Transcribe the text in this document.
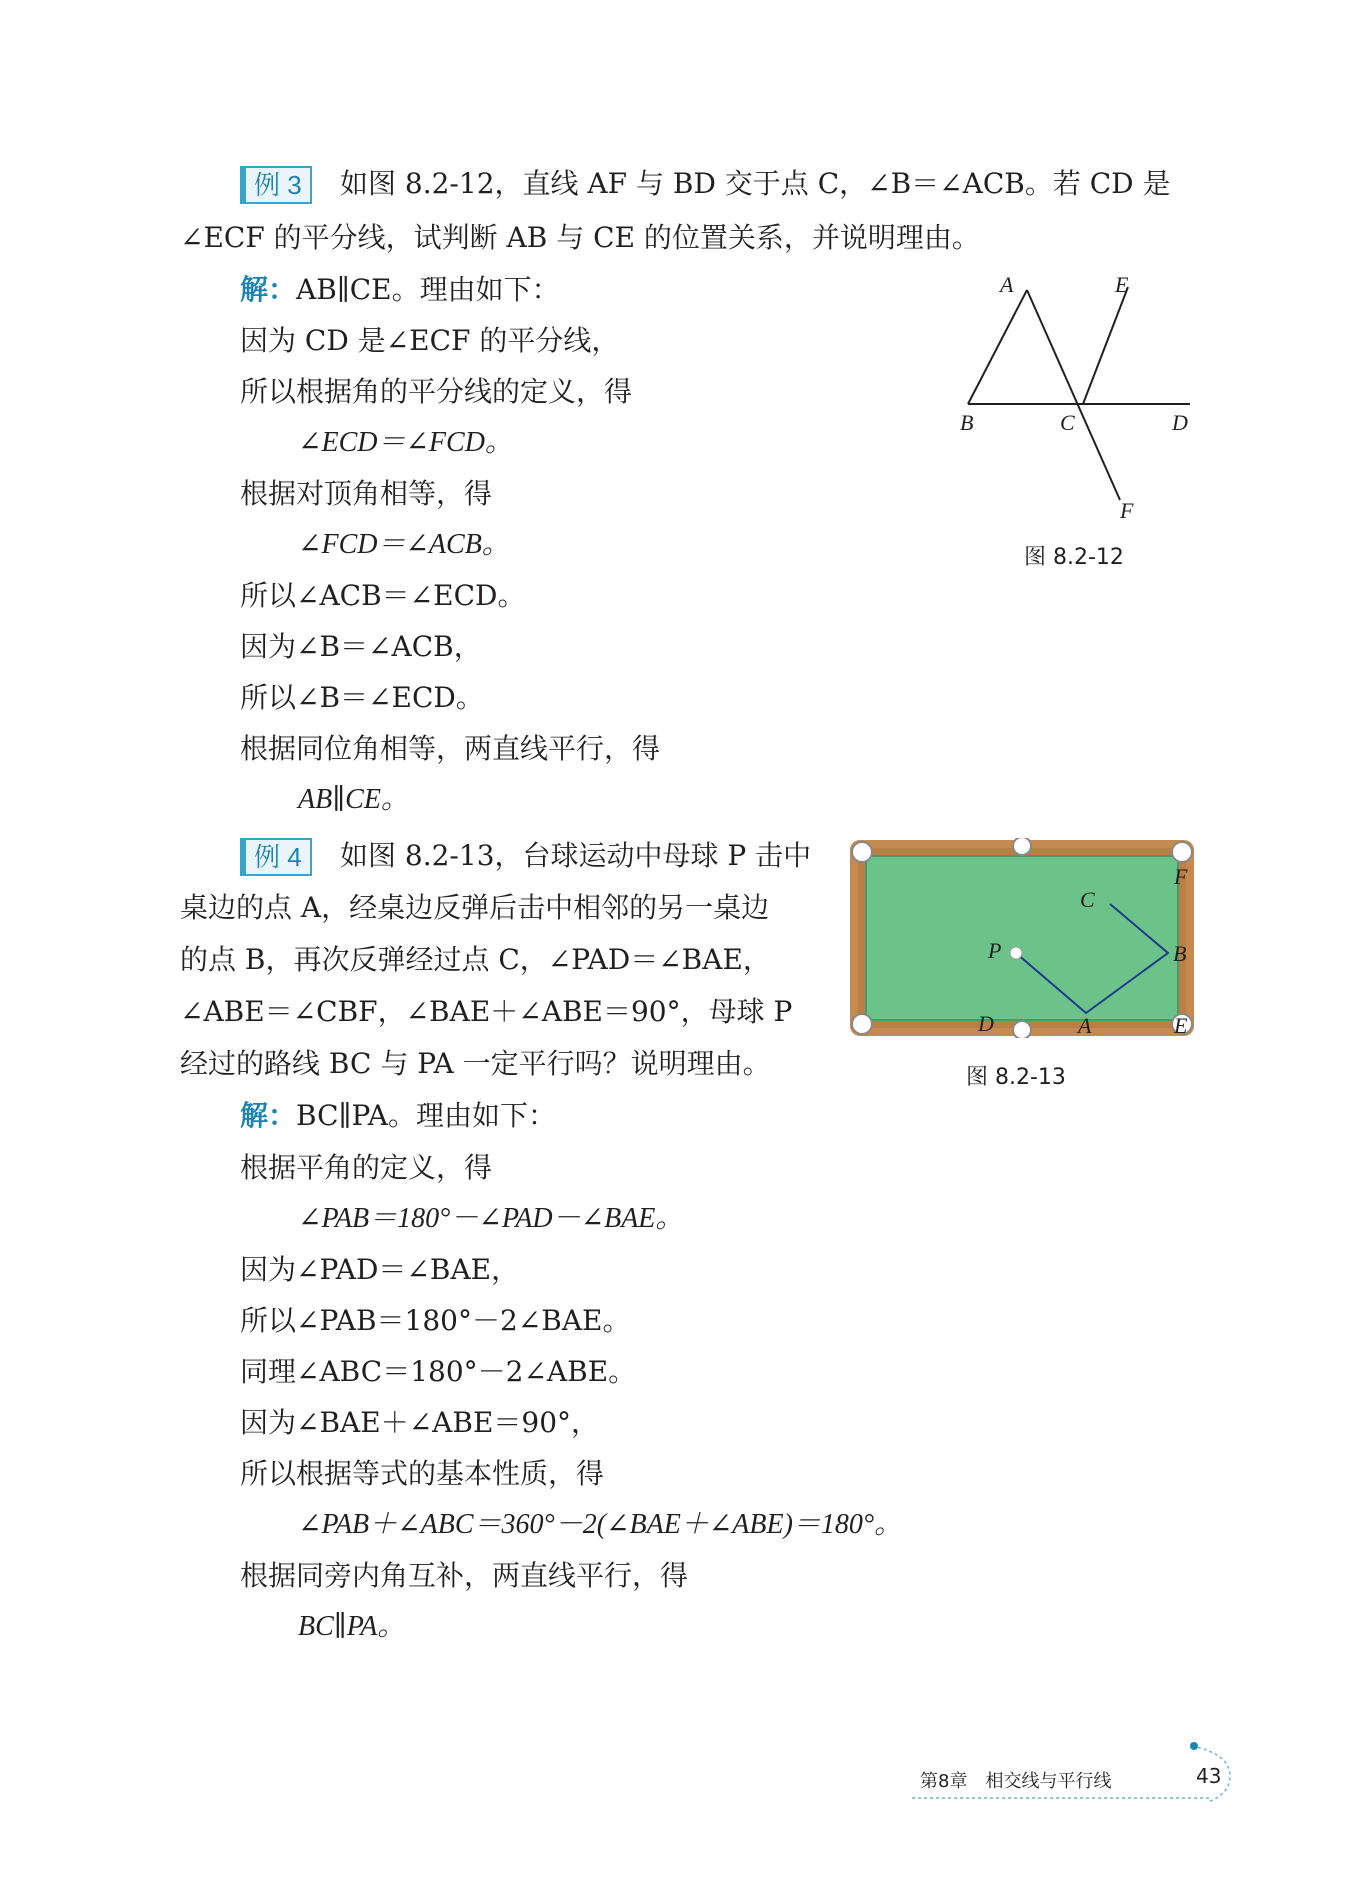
例 3	如图 8.2-12，直线 AF 与 BD 交于点 C，∠B＝∠ACB。若 CD 是
∠ECF 的平分线，试判断 AB 与 CE 的位置关系，并说明理由。
解：AB∥CE。理由如下：
因为 CD 是∠ECF 的平分线，
所以根据角的平分线的定义，得
∠ECD＝∠FCD。
根据对顶角相等，得
∠FCD＝∠ACB。
所以∠ACB＝∠ECD。
因为∠B＝∠ACB，
所以∠B＝∠ECD。
根据同位角相等，两直线平行，得
AB∥CE。
A	E
B	C	D
F
图 8.2-12
例 4	如图 8.2-13，台球运动中母球 P 击中
桌边的点 A，经桌边反弹后击中相邻的另一桌边
的点 B，再次反弹经过点 C，∠PAD＝∠BAE，
∠ABE＝∠CBF，∠BAE＋∠ABE＝90°，母球 P
经过的路线 BC 与 PA 一定平行吗？说明理由。
解：BC∥PA。理由如下：
根据平角的定义，得
∠PAB＝180°－∠PAD－∠BAE。
因为∠PAD＝∠BAE，
所以∠PAB＝180°－2∠BAE。
同理∠ABC＝180°－2∠ABE。
因为∠BAE＋∠ABE＝90°，
所以根据等式的基本性质，得
∠PAB＋∠ABC＝360°－2(∠BAE＋∠ABE)＝180°。
根据同旁内角互补，两直线平行，得
BC∥PA。
C
P	B
F
D	A	E
图 8.2-13
第8章　相交线与平行线	43
